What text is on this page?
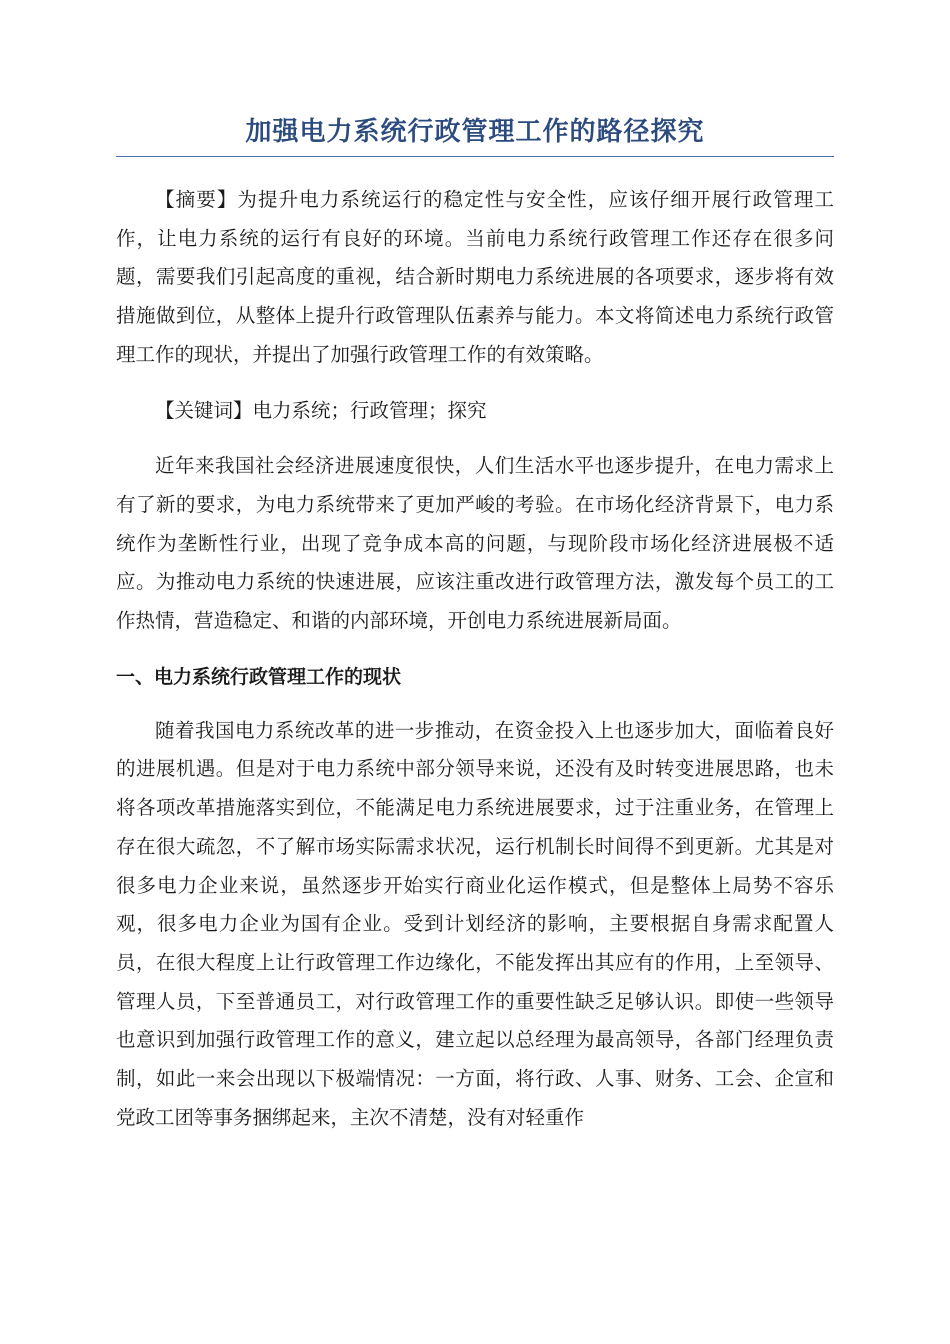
加强电力系统行政管理工作的路径探究

【摘要】为提升电力系统运行的稳定性与安全性，应该仔细开展行政管理工作，让电力系统的运行有良好的环境。当前电力系统行政管理工作还存在很多问题，需要我们引起高度的重视，结合新时期电力系统进展的各项要求，逐步将有效措施做到位，从整体上提升行政管理队伍素养与能力。本文将简述电力系统行政管理工作的现状，并提出了加强行政管理工作的有效策略。

【关键词】电力系统；行政管理；探究

近年来我国社会经济进展速度很快，人们生活水平也逐步提升，在电力需求上有了新的要求，为电力系统带来了更加严峻的考验。在市场化经济背景下，电力系统作为垄断性行业，出现了竞争成本高的问题，与现阶段市场化经济进展极不适应。为推动电力系统的快速进展，应该注重改进行政管理方法，激发每个员工的工作热情，营造稳定、和谐的内部环境，开创电力系统进展新局面。

一、电力系统行政管理工作的现状

随着我国电力系统改革的进一步推动，在资金投入上也逐步加大，面临着良好的进展机遇。但是对于电力系统中部分领导来说，还没有及时转变进展思路，也未将各项改革措施落实到位，不能满足电力系统进展要求，过于注重业务，在管理上存在很大疏忽，不了解市场实际需求状况，运行机制长时间得不到更新。尤其是对很多电力企业来说，虽然逐步开始实行商业化运作模式，但是整体上局势不容乐观，很多电力企业为国有企业。受到计划经济的影响，主要根据自身需求配置人员，在很大程度上让行政管理工作边缘化，不能发挥出其应有的作用，上至领导、管理人员，下至普通员工，对行政管理工作的重要性缺乏足够认识。即使一些领导也意识到加强行政管理工作的意义，建立起以总经理为最高领导，各部门经理负责制，如此一来会出现以下极端情况：一方面，将行政、人事、财务、工会、企宣和党政工团等事务捆绑起来，主次不清楚，没有对轻重作
